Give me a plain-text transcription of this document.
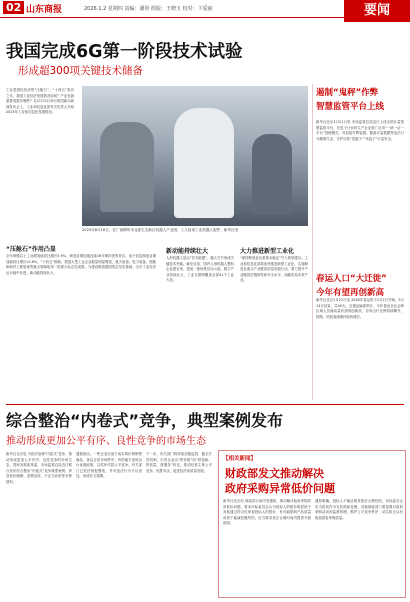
02 山东商报	2026.1.2 星期四 责编：潘彤 组版：王晓玉 校对：卞爱丽	要闻
我国完成6G第一阶段技术试验
形成超300项关键技术储备
工业是国民经济的“压舱石”。“十四五”收官之年，我国工业经济发展情况如何？产业发展重要成果有哪些？在2月23日举行的国新办新闻发布会上，工业和信息化部有关负责人介绍2025年工业和信息化发展情况。
2025年8月18日，在广西柳州市北部生态新区机器人产业园，工人检查工业机器人配件。新华社发
“压舱石”作用凸显
全年规模以上工业增加值同比增长5.9%，制造业增加值连续16年保持世界首位。电子信息制造业增加值同比增长10.6%。“十四五”期间，我国大型工业企业数量明显增加，航天装备、电力装备、船舶和海洋工程装备等重点领域取得一批重大标志性成果，为建设制造强国奠定坚实基础。全年工业经济运行稳中有进，新动能持续壮大。
新动能持续壮大
人形机器人是由“首关破题”，越大关节形成关键技术突破。截至目前，国内人形机器人整机企业超百家，建成一批场景应用示范。数字产业持续壮大，工业互联网覆盖全部41个工业大类。
大力推进新型工业化
“保持制造业比重基本稳定”写入规划建议。工业和信息化部将加快推进新型工业化，实施制造业重点产业链高质量发展行动，着力提升产业链供应链韧性和安全水平，前瞻布局未来产业。
遏制“鬼秤”作弊
智慧监管平台上线
新华社北京1月21日电 市场监管总局近日上线全国计量智慧监管平台，在电子计价秤生产企业推广应用“一码一证一平台”管理模式，对加装作弊装置、篡改计量数据等违法行为精准打击，守护百姓“菜篮子”“米袋子”计量安全。
春运人口“大迁徙”
今年有望再创新高
新华社北京1月21日电 2026年春运将于2月2日开始，3月13日结束，共40天。交通运输部预计，今年春运全社会跨区域人员流动量有望再创新高，自驾出行比例持续攀升，铁路、民航客流保持较快增长。
综合整治“内卷式”竞争，典型案例发布
推动形成更加公平有序、良性竞争的市场生态
新华社北京电 为依法治理“内卷式”竞争，推动形成更加公平有序、良性竞争的市场生态，国家发展改革委、市场监管总局近日联合发布综合整治“内卷式”竞争典型案例，涉及低价倾销、虚假宣传、不正当补贴等多种情形。
通报指出，一些企业以低于成本的价格销售商品，扰乱正常市场秩序；有的地方违规出台优惠政策，以奖补代替公平竞争。有关部门已依法督促整改，并对违法行为予以查处，形成有力震慑。
下一步，有关部门将持续加强监管，健全长效机制，引导企业由“拼价格”向“拼创新、拼质量、拼服务”转变，推动经营主体公平竞争、优胜劣汰，促进经济高质量发展。
【相关新闻】
财政部发文推动解决
政府采购异常低价问题
新华社北京电 财政部日前印发通知，推动解决政府采购异常低价问题，要求评标委员会认为投标人的报价明显低于其他通过符合性审查投标人的报价，有可能影响产品质量或者不能诚信履约的，应当要求其在合理时间内提供书面说明。
通知明确，投标人不能证明其报价合理性的，评标委员会应当将其作为无效投标处理。各地财政部门要加强对政府采购活动的监督管理，维护公平竞争秩序，切实防止以价格战损害采购质量。
